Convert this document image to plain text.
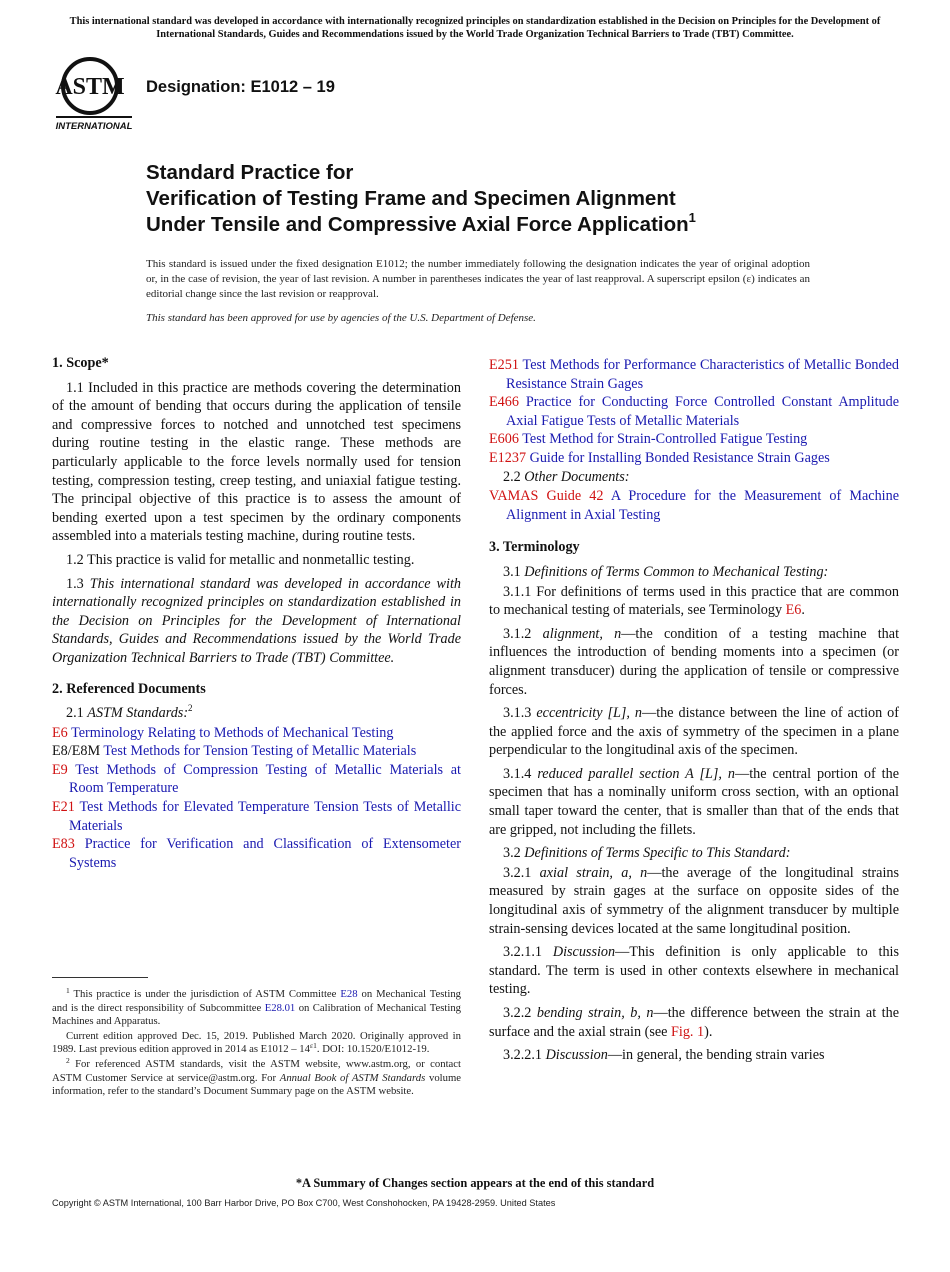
This international standard was developed in accordance with internationally recognized principles on standardization established in the Decision on Principles for the Development of International Standards, Guides and Recommendations issued by the World Trade Organization Technical Barriers to Trade (TBT) Committee.
ASTM
INTERNATIONAL
Designation: E1012 – 19
Standard Practice for
Verification of Testing Frame and Specimen Alignment
Under Tensile and Compressive Axial Force Application$^1$
This standard is issued under the fixed designation E1012; the number immediately following the designation indicates the year of original adoption or, in the case of revision, the year of last revision. A number in parentheses indicates the year of last reapproval. A superscript epsilon (ε) indicates an editorial change since the last revision or reapproval.
This standard has been approved for use by agencies of the U.S. Department of Defense.
1. Scope*

1.1 Included in this practice are methods covering the determination of the amount of bending that occurs during the application of tensile and compressive forces to notched and unnotched test specimens during routine testing in the elastic range. These methods are particularly applicable to the force levels normally used for tension testing, compression testing, creep testing, and uniaxial fatigue testing. The principal objective of this practice is to assess the amount of bending exerted upon a test specimen by the ordinary components assembled into a materials testing machine, during routine tests.

1.2 This practice is valid for metallic and nonmetallic testing.

1.3 This international standard was developed in accordance with internationally recognized principles on standardization established in the Decision on Principles for the Development of International Standards, Guides and Recommendations issued by the World Trade Organization Technical Barriers to Trade (TBT) Committee.

2. Referenced Documents

2.1 ASTM Standards:$^2$

E6 Terminology Relating to Methods of Mechanical Testing

E8/E8M Test Methods for Tension Testing of Metallic Materials

E9 Test Methods of Compression Testing of Metallic Materials at Room Temperature

E21 Test Methods for Elevated Temperature Tension Tests of Metallic Materials

E83 Practice for Verification and Classification of Extensometer Systems

$^1$ This practice is under the jurisdiction of ASTM Committee E28 on Mechanical Testing and is the direct responsibility of Subcommittee E28.01 on Calibration of Mechanical Testing Machines and Apparatus.

Current edition approved Dec. 15, 2019. Published March 2020. Originally approved in 1989. Last previous edition approved in 2014 as $E1012 - 14^{\varepsilon 1}$. DOI: 10.1520/E1012-19.

$^2$ For referenced ASTM standards, visit the ASTM website, www.astm.org, or contact ASTM Customer Service at service@astm.org. For Annual Book of ASTM Standards volume information, refer to the standard’s Document Summary page on the ASTM website.

E251 Test Methods for Performance Characteristics of Metallic Bonded Resistance Strain Gages

E466 Practice for Conducting Force Controlled Constant Amplitude Axial Fatigue Tests of Metallic Materials

E606 Test Method for Strain-Controlled Fatigue Testing

E1237 Guide for Installing Bonded Resistance Strain Gages

2.2 Other Documents:

VAMAS Guide 42 A Procedure for the Measurement of Machine Alignment in Axial Testing

3. Terminology

3.1 Definitions of Terms Common to Mechanical Testing:

3.1.1 For definitions of terms used in this practice that are common to mechanical testing of materials, see Terminology E6.

3.1.2 alignment, n—the condition of a testing machine that influences the introduction of bending moments into a specimen (or alignment transducer) during the application of tensile or compressive forces.

3.1.3 eccentricity [L], n—the distance between the line of action of the applied force and the axis of symmetry of the specimen in a plane perpendicular to the longitudinal axis of the specimen.

3.1.4 reduced parallel section A [L], n—the central portion of the specimen that has a nominally uniform cross section, with an optional small taper toward the center, that is smaller than that of the ends that are gripped, not including the fillets.

3.2 Definitions of Terms Specific to This Standard:

3.2.1 axial strain, a, n—the average of the longitudinal strains measured by strain gages at the surface on opposite sides of the longitudinal axis of symmetry of the alignment transducer by multiple strain-sensing devices located at the same longitudinal position.

3.2.1.1 Discussion—This definition is only applicable to this standard. The term is used in other contexts elsewhere in mechanical testing.

3.2.2 bending strain, b, n—the difference between the strain at the surface and the axial strain (see Fig. 1).

3.2.2.1 Discussion—in general, the bending strain varies

*A Summary of Changes section appears at the end of this standard
Copyright © ASTM International, 100 Barr Harbor Drive, PO Box C700, West Conshohocken, PA 19428-2959. United States
